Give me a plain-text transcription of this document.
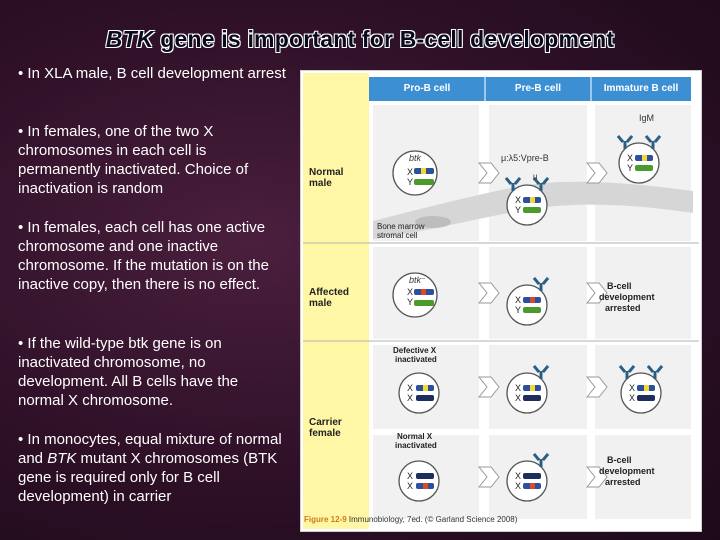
BTK gene is important for B-cell development
• In XLA male, B cell development arrest
• In females, one of the two X chromosomes in each cell is permanently inactivated. Choice of inactivation is random
• In females, each cell has one active chromosome and one inactive chromosome. If the mutation is on the inactive copy, then there is no effect.
• If the wild-type btk gene is on inactivated chromosome, no development. All B cells have the normal X chromosome.
• In monocytes, equal mixture of normal and BTK mutant X chromosomes (BTK gene is required only for B cell development) in carrier
X
Y
btk
X
Y
μ:λ5:Vpre-B
μ
X
Y
IgM
Bone marrow stromal cell
X
Y
btk⁻
X
Y
B-cell development arrested
Defective X inactivated
X
X
X
X
X
X
Normal X inactivated
X
X
X
X
B-cell development arrested
Pro-B cell	Pre-B cell	Immature B cell
Normal male
Affected male
Carrier female
Figure 12-9 Immunobiology, 7ed. (© Garland Science 2008)
